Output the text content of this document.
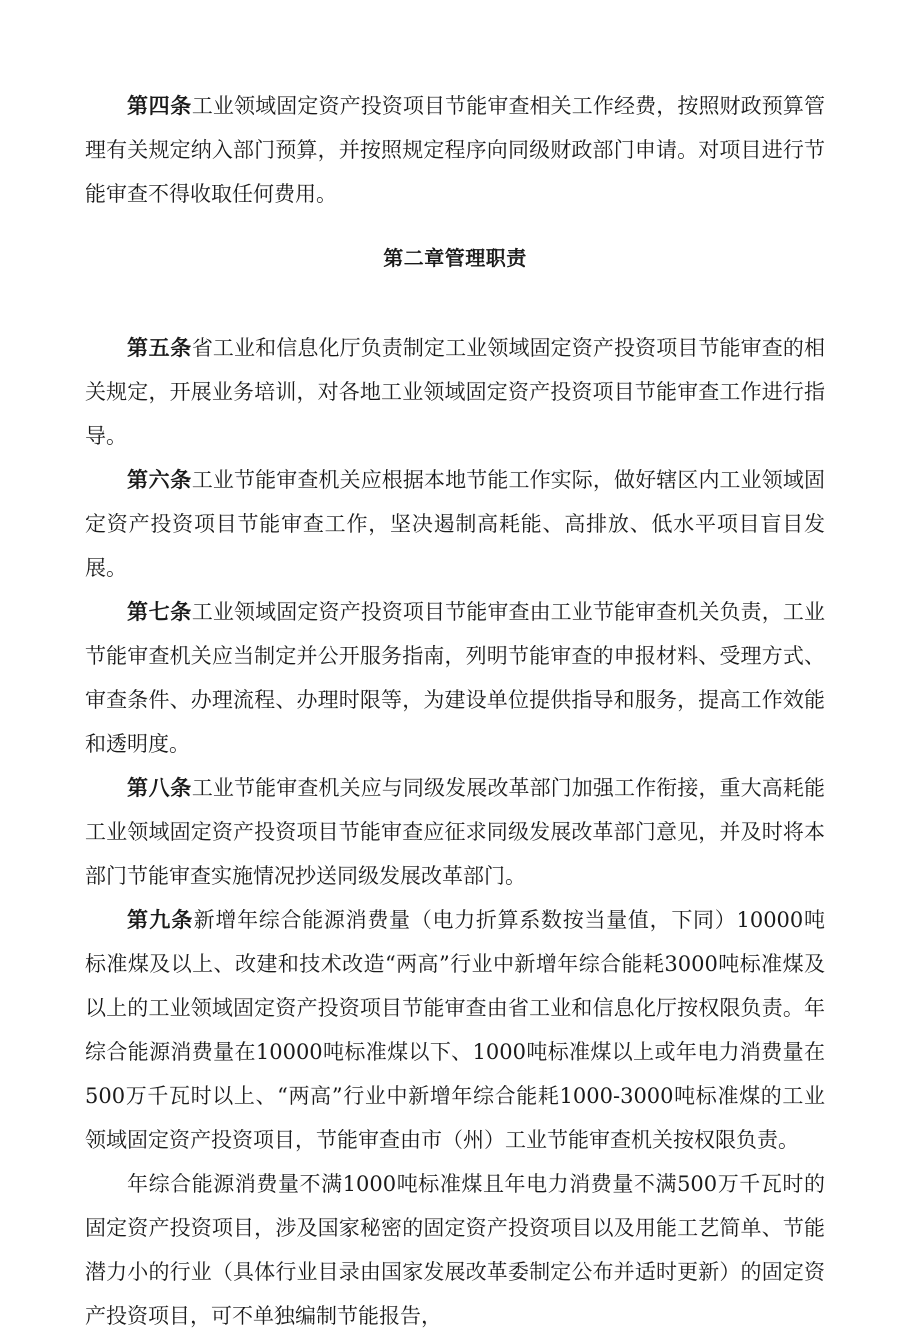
第四条工业领域固定资产投资项目节能审查相关工作经费，按照财政预算管理有关规定纳入部门预算，并按照规定程序向同级财政部门申请。对项目进行节能审查不得收取任何费用。

第二章管理职责

第五条省工业和信息化厅负责制定工业领域固定资产投资项目节能审查的相关规定，开展业务培训，对各地工业领域固定资产投资项目节能审查工作进行指导。

第六条工业节能审查机关应根据本地节能工作实际，做好辖区内工业领域固定资产投资项目节能审查工作，坚决遏制高耗能、高排放、低水平项目盲目发展。

第七条工业领域固定资产投资项目节能审查由工业节能审查机关负责，工业节能审查机关应当制定并公开服务指南，列明节能审查的申报材料、受理方式、审查条件、办理流程、办理时限等，为建设单位提供指导和服务，提高工作效能和透明度。

第八条工业节能审查机关应与同级发展改革部门加强工作衔接，重大高耗能工业领域固定资产投资项目节能审查应征求同级发展改革部门意见，并及时将本部门节能审查实施情况抄送同级发展改革部门。

第九条新增年综合能源消费量（电力折算系数按当量值，下同）10000吨标准煤及以上、改建和技术改造“两高”行业中新增年综合能耗3000吨标准煤及以上的工业领域固定资产投资项目节能审查由省工业和信息化厅按权限负责。年综合能源消费量在10000吨标准煤以下、1000吨标准煤以上或年电力消费量在500万千瓦时以上、“两高”行业中新增年综合能耗1000-3000吨标准煤的工业领域固定资产投资项目，节能审查由市（州）工业节能审查机关按权限负责。

年综合能源消费量不满1000吨标准煤且年电力消费量不满500万千瓦时的固定资产投资项目，涉及国家秘密的固定资产投资项目以及用能工艺简单、节能潜力小的行业（具体行业目录由国家发展改革委制定公布并适时更新）的固定资产投资项目，可不单独编制节能报告，
